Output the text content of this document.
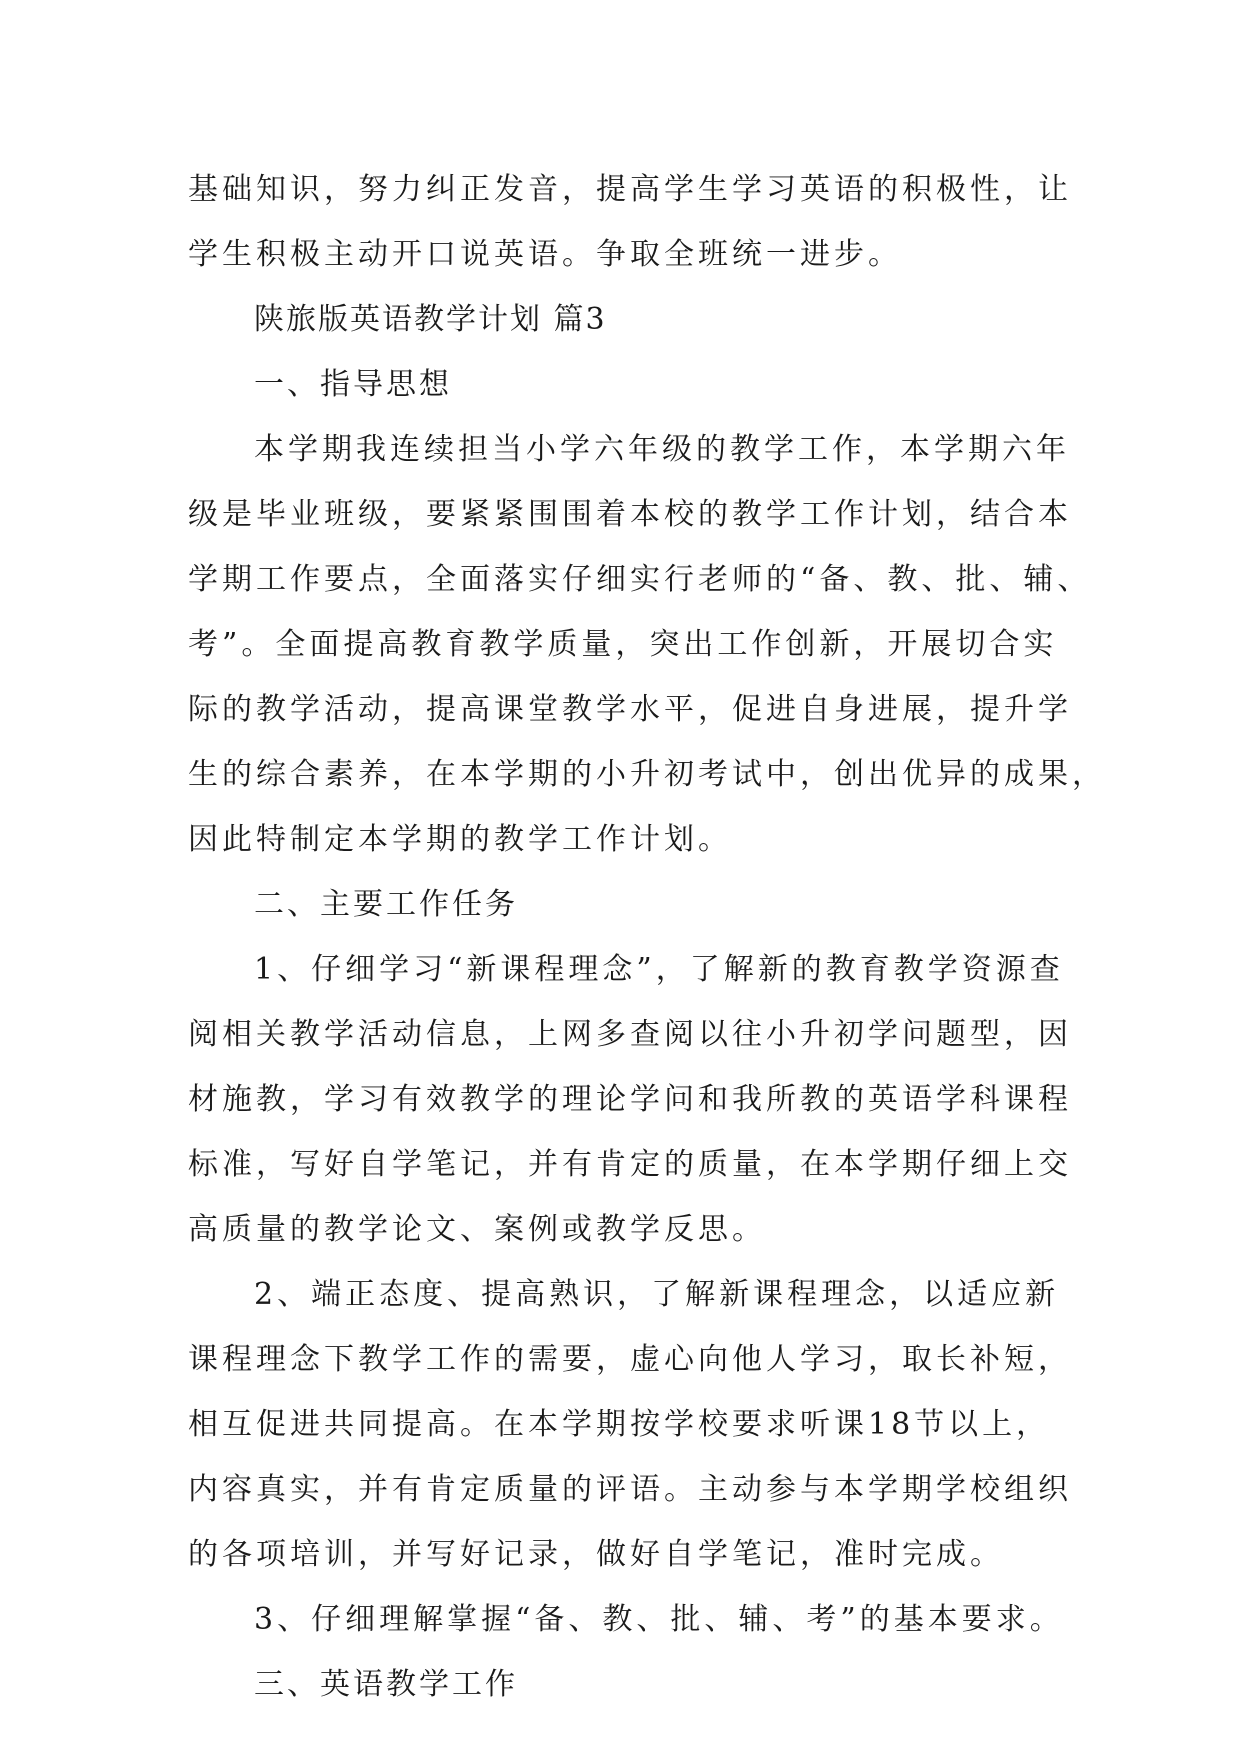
基础知识，努力纠正发音，提高学生学习英语的积极性，让
学生积极主动开口说英语。争取全班统一进步。
陕旅版英语教学计划 篇3
一、指导思想
本学期我连续担当小学六年级的教学工作，本学期六年
级是毕业班级，要紧紧围围着本校的教学工作计划，结合本
学期工作要点，全面落实仔细实行老师的“备、教、批、辅、
考”。全面提高教育教学质量，突出工作创新，开展切合实
际的教学活动，提高课堂教学水平，促进自身进展，提升学
生的综合素养，在本学期的小升初考试中，创出优异的成果，
因此特制定本学期的教学工作计划。
二、主要工作任务
1、仔细学习“新课程理念”，了解新的教育教学资源查
阅相关教学活动信息，上网多查阅以往小升初学问题型，因
材施教，学习有效教学的理论学问和我所教的英语学科课程
标准，写好自学笔记，并有肯定的质量，在本学期仔细上交
高质量的教学论文、案例或教学反思。
2、端正态度、提高熟识，了解新课程理念，以适应新
课程理念下教学工作的需要，虚心向他人学习，取长补短，
相互促进共同提高。在本学期按学校要求听课18节以上，
内容真实，并有肯定质量的评语。主动参与本学期学校组织
的各项培训，并写好记录，做好自学笔记，准时完成。
3、仔细理解掌握“备、教、批、辅、考”的基本要求。
三、英语教学工作
